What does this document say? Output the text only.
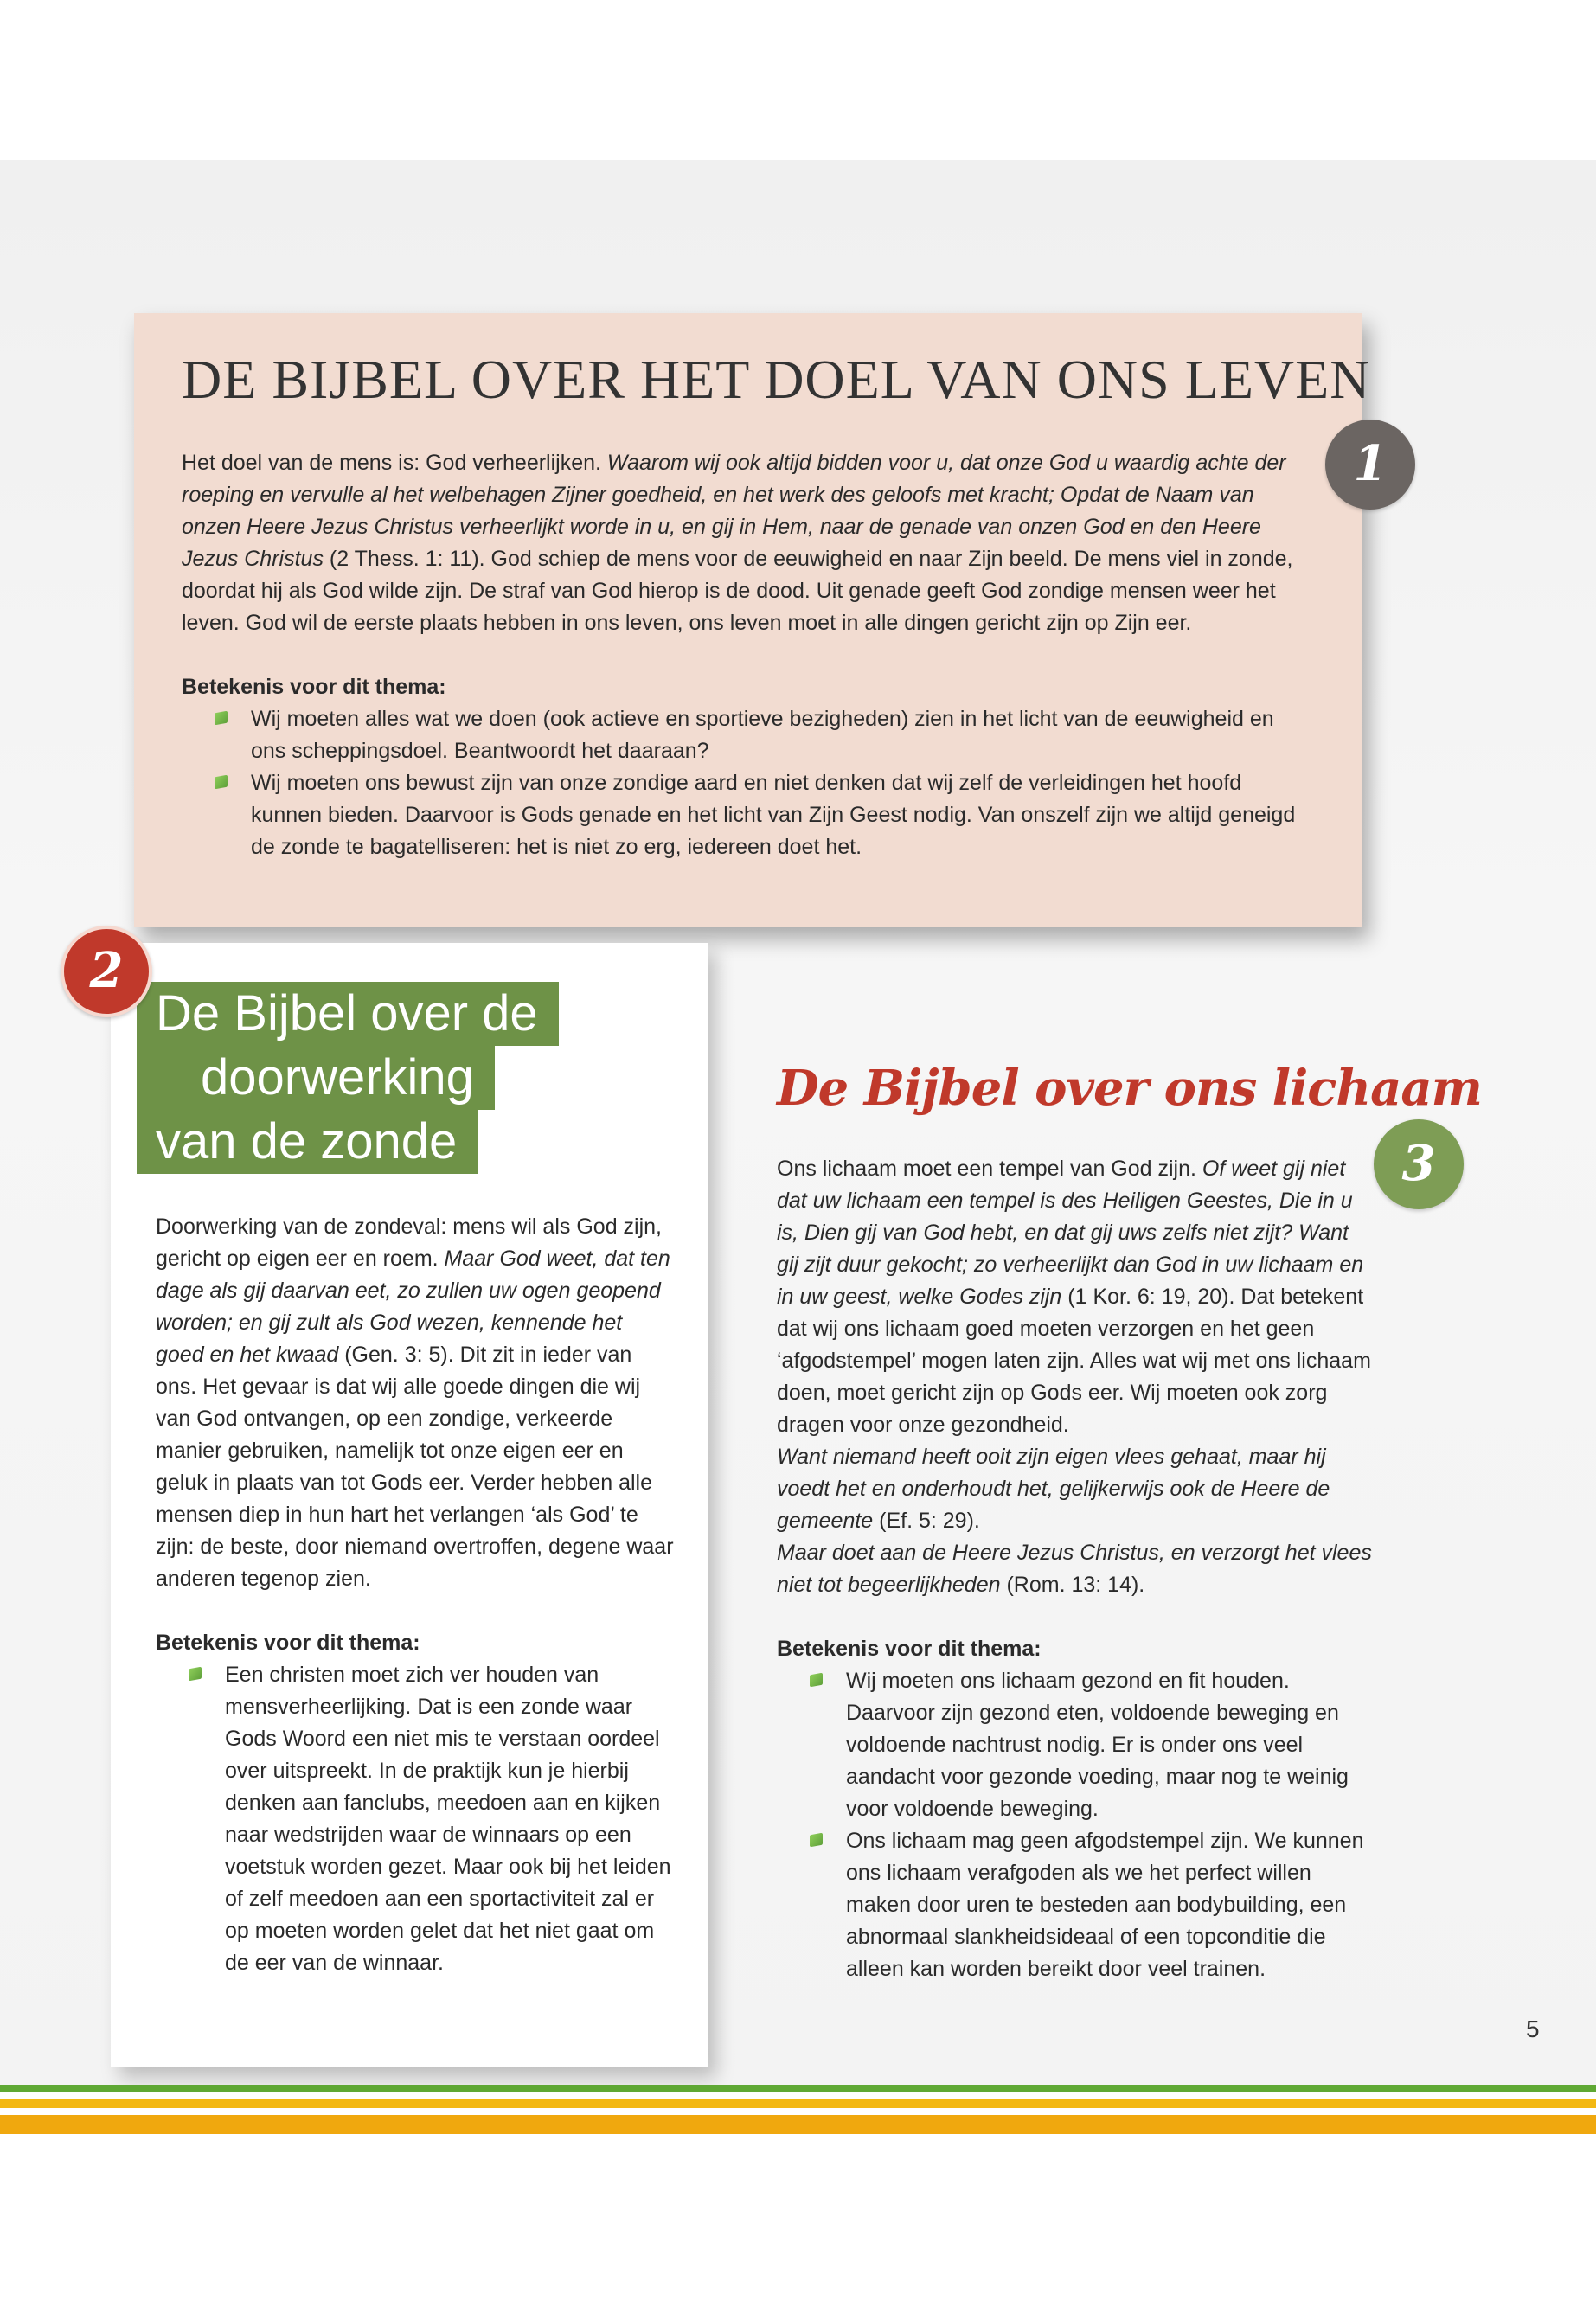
DE BIJBEL OVER HET DOEL VAN ONS LEVEN
Het doel van de mens is: God verheerlijken. Waarom wij ook altijd bidden voor u, dat onze God u waardig achte der roeping en vervulle al het welbehagen Zijner goedheid, en het werk des geloofs met kracht; Opdat de Naam van onzen Heere Jezus Christus verheerlijkt worde in u, en gij in Hem, naar de genade van onzen God en den Heere Jezus Christus (2 Thess. 1: 11). God schiep de mens voor de eeuwigheid en naar Zijn beeld. De mens viel in zonde, doordat hij als God wilde zijn. De straf van God hierop is de dood. Uit genade geeft God zondige mensen weer het leven. God wil de eerste plaats hebben in ons leven, ons leven moet in alle dingen gericht zijn op Zijn eer.
Betekenis voor dit thema:
Wij moeten alles wat we doen (ook actieve en sportieve bezigheden) zien in het licht van de eeuwigheid en ons scheppingsdoel. Beantwoordt het daaraan?
Wij moeten ons bewust zijn van onze zondige aard en niet denken dat wij zelf de verleidingen het hoofd kunnen bieden. Daarvoor is Gods genade en het licht van Zijn Geest nodig. Van onszelf zijn we altijd geneigd de zonde te bagatelliseren: het is niet zo erg, iedereen doet het.
1
De Bijbel over de
doorwerking
van de zonde
Doorwerking van de zondeval: mens wil als God zijn, gericht op eigen eer en roem. Maar God weet, dat ten dage als gij daarvan eet, zo zullen uw ogen geopend worden; en gij zult als God wezen, kennende het goed en het kwaad (Gen. 3: 5). Dit zit in ieder van ons. Het gevaar is dat wij alle goede dingen die wij van God ontvangen, op een zondige, verkeerde manier gebruiken, namelijk tot onze eigen eer en geluk in plaats van tot Gods eer. Verder hebben alle mensen diep in hun hart het verlangen ‘als God’ te zijn: de beste, door niemand overtroffen, degene waar anderen tegenop zien.
Betekenis voor dit thema:
Een christen moet zich ver houden van mensverheerlijking. Dat is een zonde waar Gods Woord een niet mis te verstaan oordeel over uitspreekt. In de praktijk kun je hierbij denken aan fanclubs, meedoen aan en kijken naar wedstrijden waar de winnaars op een voetstuk worden gezet. Maar ook bij het leiden of zelf meedoen aan een sportactiviteit zal er op moeten worden gelet dat het niet gaat om de eer van de winnaar.
2
De Bijbel over ons lichaam
Ons lichaam moet een tempel van God zijn. Of weet gij niet dat uw lichaam een tempel is des Heiligen Geestes, Die in u is, Dien gij van God hebt, en dat gij uws zelfs niet zijt? Want gij zijt duur gekocht; zo verheerlijkt dan God in uw lichaam en in uw geest, welke Godes zijn (1 Kor. 6: 19, 20). Dat betekent dat wij ons lichaam goed moeten verzorgen en het geen ‘afgodstempel’ mogen laten zijn. Alles wat wij met ons lichaam doen, moet gericht zijn op Gods eer. Wij moeten ook zorg dragen voor onze gezondheid.
Want niemand heeft ooit zijn eigen vlees gehaat, maar hij voedt het en onderhoudt het, gelijkerwijs ook de Heere de gemeente (Ef. 5: 29).
Maar doet aan de Heere Jezus Christus, en verzorgt het vlees niet tot begeerlijkheden (Rom. 13: 14).
Betekenis voor dit thema:
Wij moeten ons lichaam gezond en fit houden. Daarvoor zijn gezond eten, voldoende beweging en voldoende nachtrust nodig. Er is onder ons veel aandacht voor gezonde voeding, maar nog te weinig voor voldoende beweging.
Ons lichaam mag geen afgodstempel zijn. We kunnen ons lichaam verafgoden als we het perfect willen maken door uren te besteden aan bodybuilding, een abnormaal slankheidsideaal of een topconditie die alleen kan worden bereikt door veel trainen.
3
5
